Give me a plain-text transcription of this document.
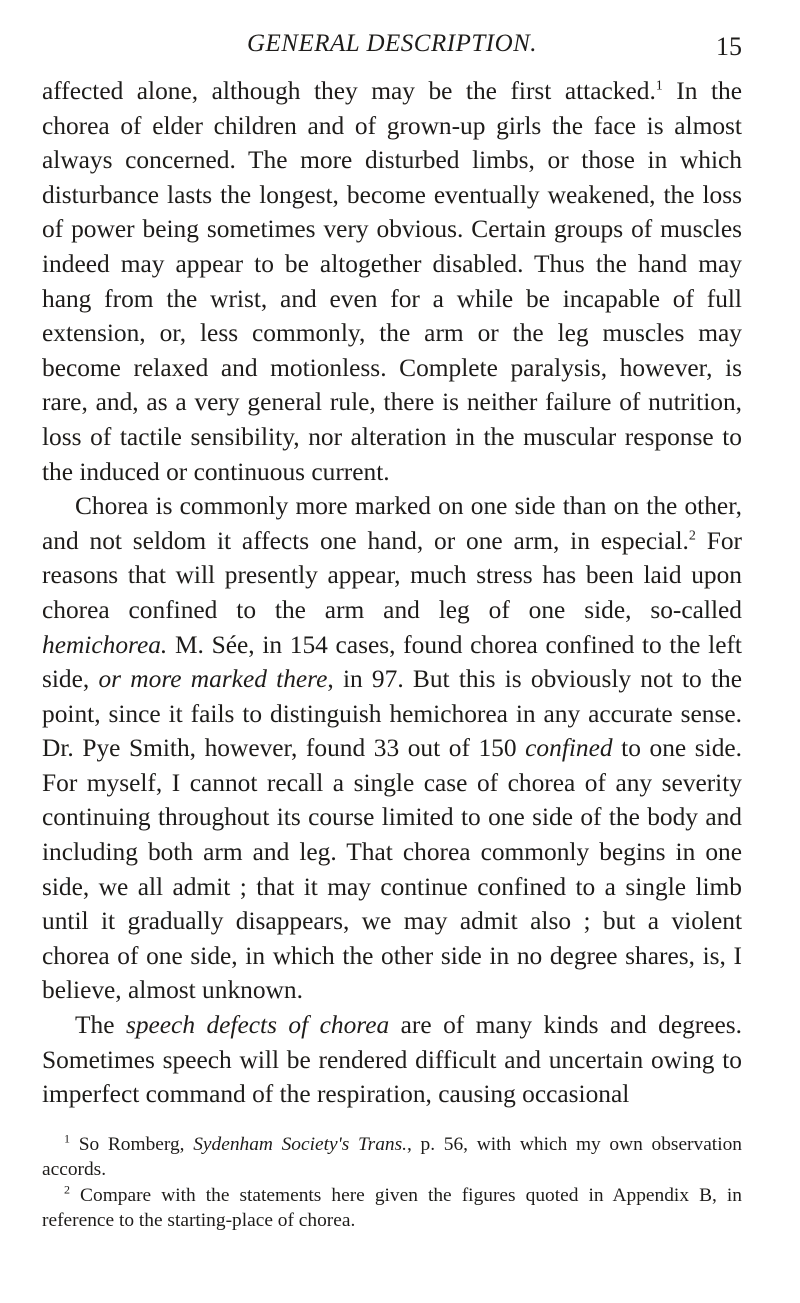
GENERAL DESCRIPTION.	15

affected alone, although they may be the first attacked.$^1$ In the chorea of elder children and of grown-up girls the face is almost always concerned. The more disturbed limbs, or those in which disturbance lasts the longest, become eventually weakened, the loss of power being sometimes very obvious. Certain groups of muscles indeed may appear to be altogether disabled. Thus the hand may hang from the wrist, and even for a while be incapable of full extension, or, less commonly, the arm or the leg muscles may become relaxed and motionless. Complete paralysis, however, is rare, and, as a very general rule, there is neither failure of nutrition, loss of tactile sensibility, nor alteration in the muscular response to the induced or continuous current.

Chorea is commonly more marked on one side than on the other, and not seldom it affects one hand, or one arm, in especial.$^2$ For reasons that will presently appear, much stress has been laid upon chorea confined to the arm and leg of one side, so-called hemichorea. M. Sée, in 154 cases, found chorea confined to the left side, or more marked there, in 97. But this is obviously not to the point, since it fails to distinguish hemichorea in any accurate sense. Dr. Pye Smith, however, found 33 out of 150 confined to one side. For myself, I cannot recall a single case of chorea of any severity continuing throughout its course limited to one side of the body and including both arm and leg. That chorea commonly begins in one side, we all admit ; that it may continue confined to a single limb until it gradually disappears, we may admit also ; but a violent chorea of one side, in which the other side in no degree shares, is, I believe, almost unknown.

The speech defects of chorea are of many kinds and degrees. Sometimes speech will be rendered difficult and uncertain owing to imperfect command of the respiration, causing occasional

$^1$ So Romberg, Sydenham Society's Trans., p. 56, with which my own observation accords.

$^2$ Compare with the statements here given the figures quoted in Appendix B, in reference to the starting-place of chorea.
